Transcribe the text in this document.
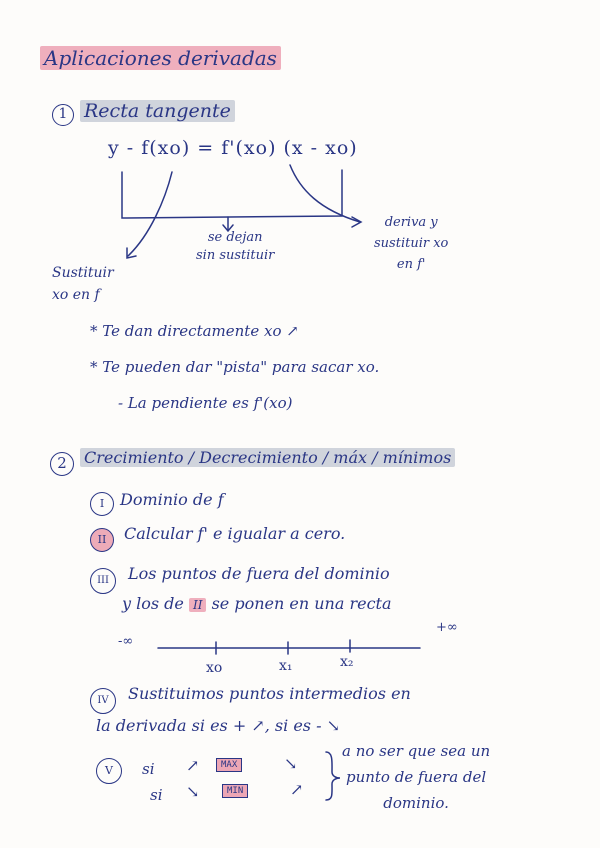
Aplicaciones derivadas
1 Recta tangente
y - f(xo) = f'(xo) (x - xo)
se dejan
sin sustituir
deriva y
sustituir xo
en f'
Sustituir
xo en f
* Te dan directamente xo ↗
* Te pueden dar "pista" para sacar xo.
- La pendiente es f'(xo)
2	Crecimiento / Decrecimiento / máx / mínimos
I Dominio de f
II	Calcular f' e igualar a cero.
III	Los puntos de fuera del dominio
y los de II se ponen en una recta
-∞
+∞
xo	x₁	x₂
IV	Sustituimos puntos intermedios en
la derivada si es + ↗, si es - ↘
V	si ↗	MAX	↘
si ↘	MIN	↗
a no ser que sea un
punto de fuera del
dominio.
